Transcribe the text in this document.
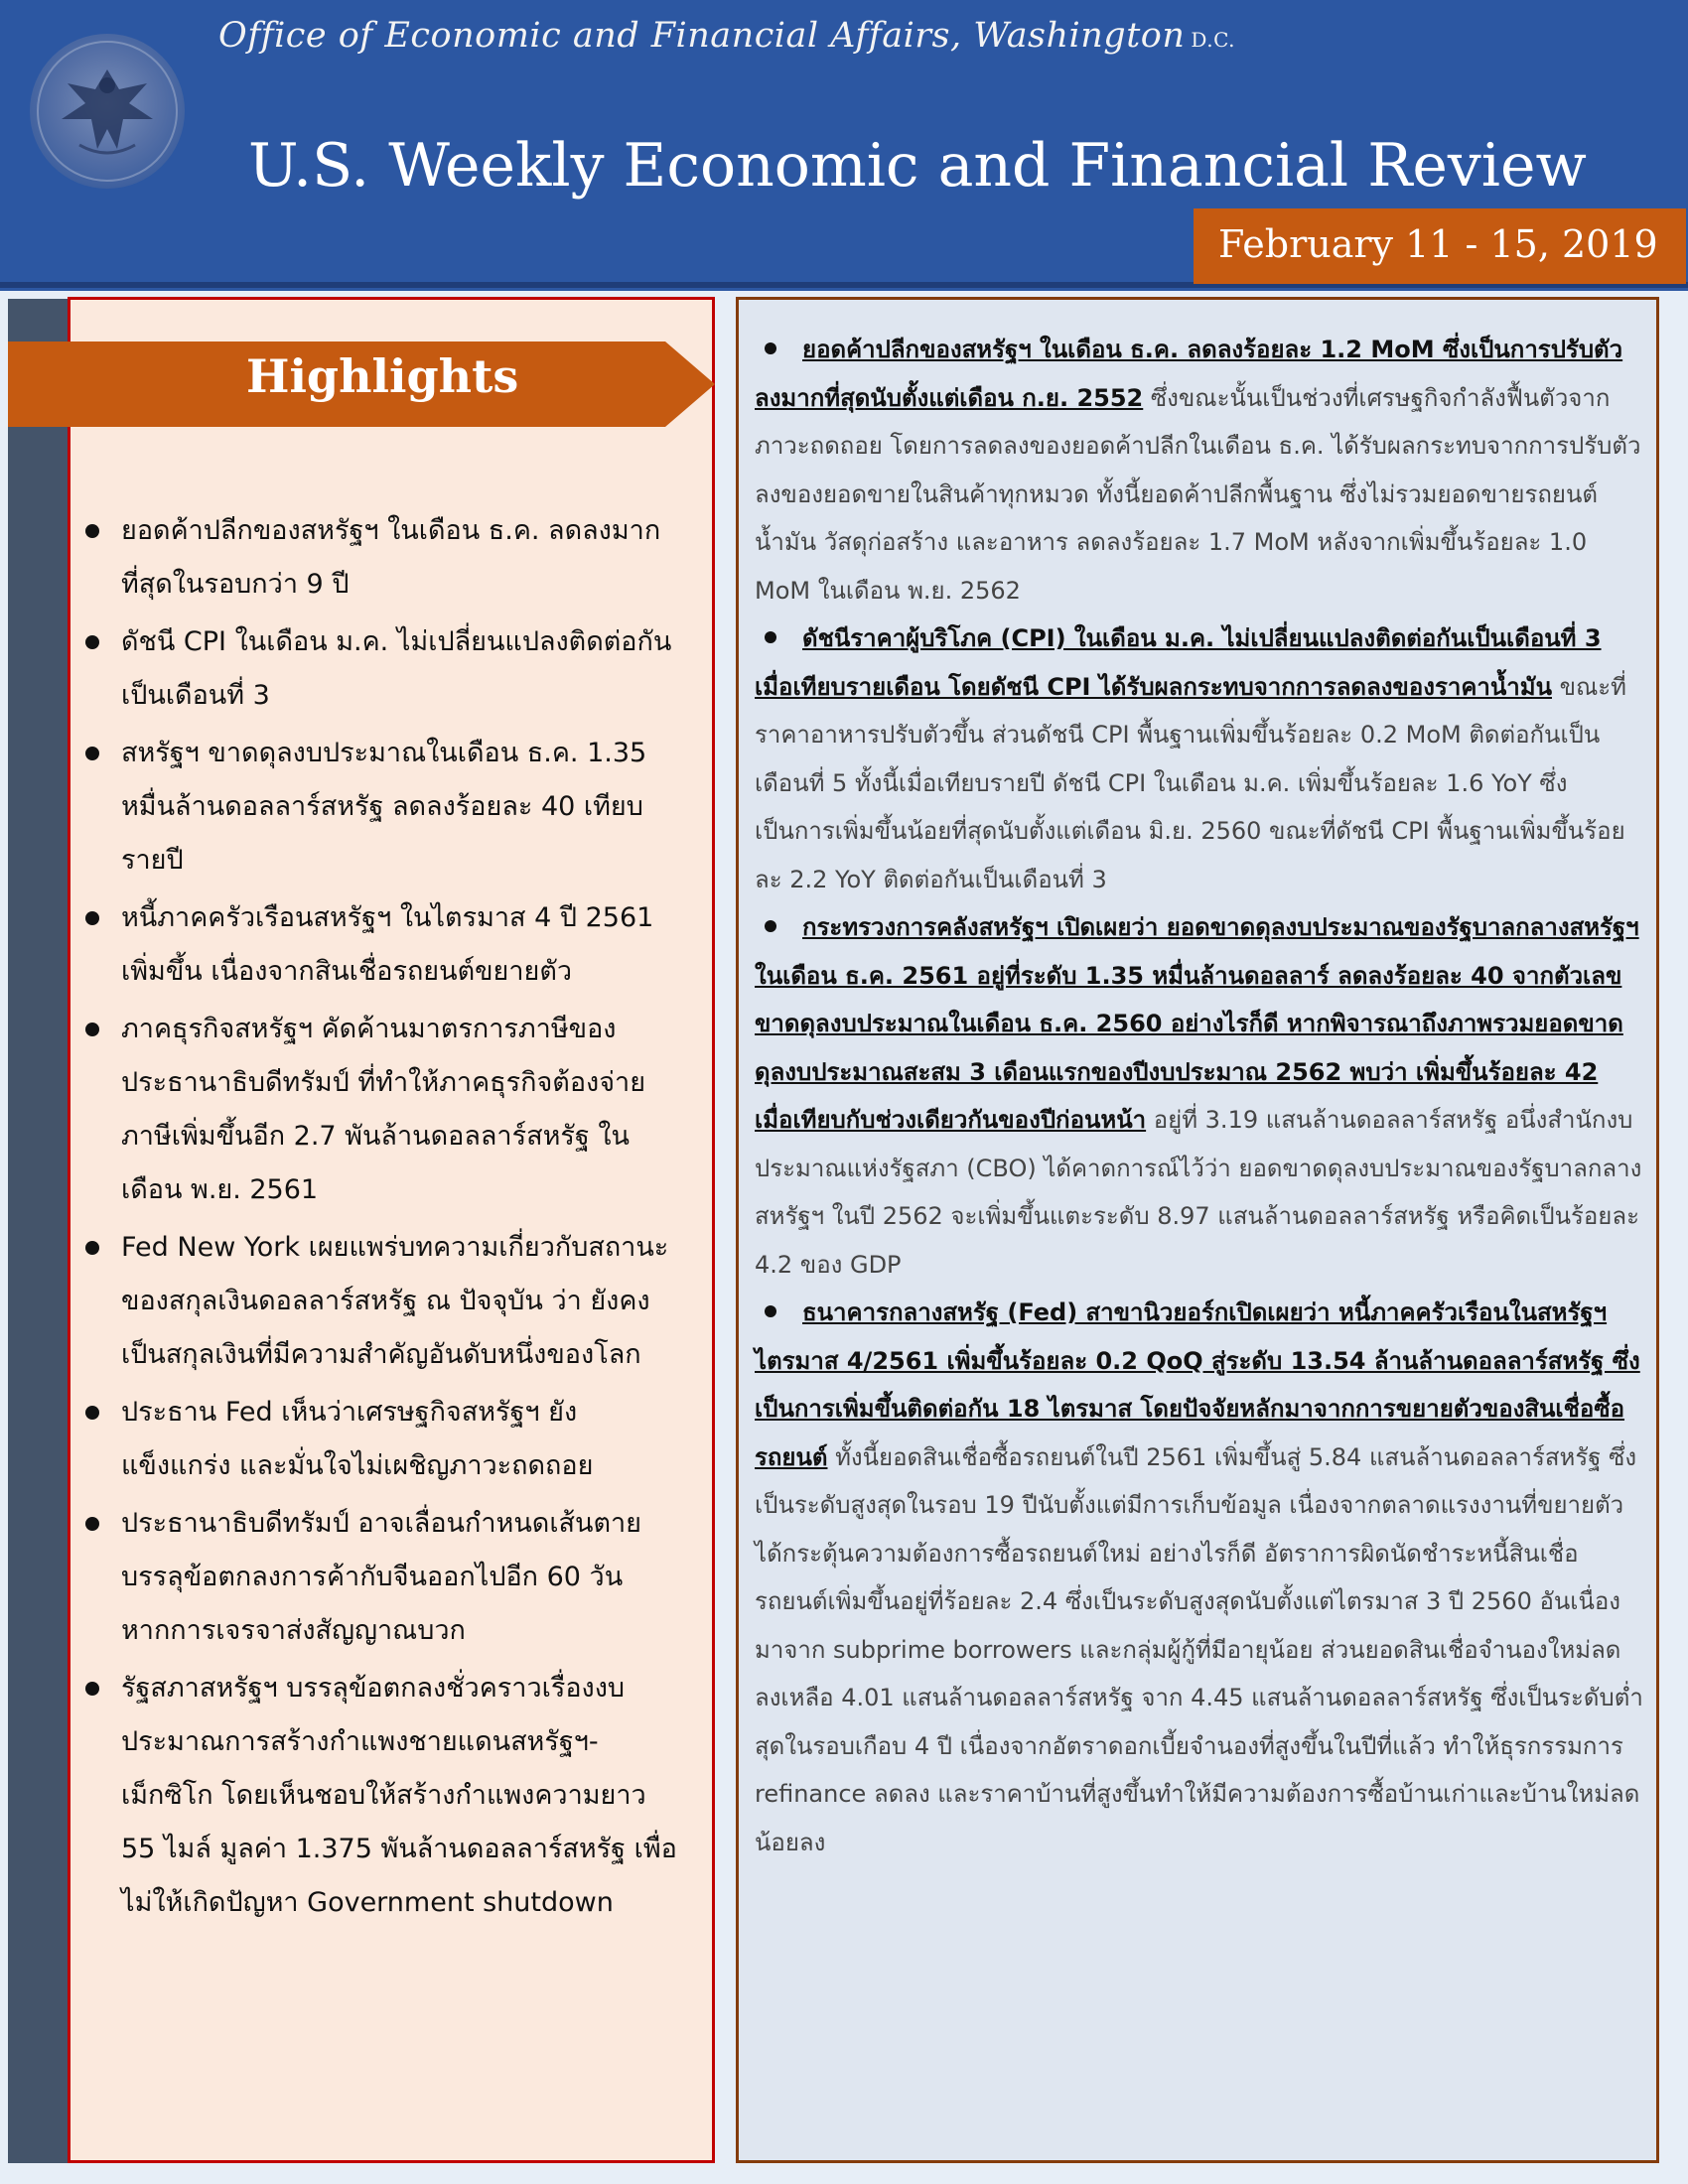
Office of Economic and Financial Affairs, Washington D.C.
U.S. Weekly Economic and Financial Review
February 11 - 15, 2019
Highlights
ยอดค้าปลีกของสหรัฐฯ ในเดือน ธ.ค. ลดลงมากที่สุดในรอบกว่า 9 ปี
ดัชนี CPI ในเดือน ม.ค. ไม่เปลี่ยนแปลงติดต่อกันเป็นเดือนที่ 3
สหรัฐฯ ขาดดุลงบประมาณในเดือน ธ.ค. 1.35 หมื่นล้านดอลลาร์สหรัฐ ลดลงร้อยละ 40 เทียบรายปี
หนี้ภาคครัวเรือนสหรัฐฯ ในไตรมาส 4 ปี 2561 เพิ่มขึ้น เนื่องจากสินเชื่อรถยนต์ขยายตัว
ภาคธุรกิจสหรัฐฯ คัดค้านมาตรการภาษีของประธานาธิบดีทรัมป์ ที่ทำให้ภาคธุรกิจต้องจ่ายภาษีเพิ่มขึ้นอีก 2.7 พันล้านดอลลาร์สหรัฐ ในเดือน พ.ย. 2561
Fed New York เผยแพร่บทความเกี่ยวกับสถานะของสกุลเงินดอลลาร์สหรัฐ ณ ปัจจุบัน ว่า ยังคงเป็นสกุลเงินที่มีความสำคัญอันดับหนึ่งของโลก
ประธาน Fed เห็นว่าเศรษฐกิจสหรัฐฯ ยังแข็งแกร่ง และมั่นใจไม่เผชิญภาวะถดถอย
ประธานาธิบดีทรัมป์ อาจเลื่อนกำหนดเส้นตายบรรลุข้อตกลงการค้ากับจีนออกไปอีก 60 วัน หากการเจรจาส่งสัญญาณบวก
รัฐสภาสหรัฐฯ บรรลุข้อตกลงชั่วคราวเรื่องงบประมาณการสร้างกำแพงชายแดนสหรัฐฯ-เม็กซิโก โดยเห็นชอบให้สร้างกำแพงความยาว 55 ไมล์ มูลค่า 1.375 พันล้านดอลลาร์สหรัฐ เพื่อไม่ให้เกิดปัญหา Government shutdown

ยอดค้าปลีกของสหรัฐฯ ในเดือน ธ.ค. ลดลงร้อยละ 1.2 MoM ซึ่งเป็นการปรับตัวลงมากที่สุดนับตั้งแต่เดือน ก.ย. 2552 ซึ่งขณะนั้นเป็นช่วงที่เศรษฐกิจกำลังฟื้นตัวจากภาวะถดถอย โดยการลดลงของยอดค้าปลีกในเดือน ธ.ค. ได้รับผลกระทบจากการปรับตัวลงของยอดขายในสินค้าทุกหมวด ทั้งนี้ยอดค้าปลีกพื้นฐาน ซึ่งไม่รวมยอดขายรถยนต์ น้ำมัน วัสดุก่อสร้าง และอาหาร ลดลงร้อยละ 1.7 MoM หลังจากเพิ่มขึ้นร้อยละ 1.0 MoM ในเดือน พ.ย. 2562

ดัชนีราคาผู้บริโภค (CPI) ในเดือน ม.ค. ไม่เปลี่ยนแปลงติดต่อกันเป็นเดือนที่ 3 เมื่อเทียบรายเดือน โดยดัชนี CPI ได้รับผลกระทบจากการลดลงของราคาน้ำมัน ขณะที่ราคาอาหารปรับตัวขึ้น ส่วนดัชนี CPI พื้นฐานเพิ่มขึ้นร้อยละ 0.2 MoM ติดต่อกันเป็นเดือนที่ 5 ทั้งนี้เมื่อเทียบรายปี ดัชนี CPI ในเดือน ม.ค. เพิ่มขึ้นร้อยละ 1.6 YoY ซึ่งเป็นการเพิ่มขึ้นน้อยที่สุดนับตั้งแต่เดือน มิ.ย. 2560 ขณะที่ดัชนี CPI พื้นฐานเพิ่มขึ้นร้อยละ 2.2 YoY ติดต่อกันเป็นเดือนที่ 3

กระทรวงการคลังสหรัฐฯ เปิดเผยว่า ยอดขาดดุลงบประมาณของรัฐบาลกลางสหรัฐฯ ในเดือน ธ.ค. 2561 อยู่ที่ระดับ 1.35 หมื่นล้านดอลลาร์ ลดลงร้อยละ 40 จากตัวเลขขาดดุลงบประมาณในเดือน ธ.ค. 2560 อย่างไรก็ดี หากพิจารณาถึงภาพรวมยอดขาดดุลงบประมาณสะสม 3 เดือนแรกของปีงบประมาณ 2562 พบว่า เพิ่มขึ้นร้อยละ 42 เมื่อเทียบกับช่วงเดียวกันของปีก่อนหน้า อยู่ที่ 3.19 แสนล้านดอลลาร์สหรัฐ อนึ่งสำนักงบประมาณแห่งรัฐสภา (CBO) ได้คาดการณ์ไว้ว่า ยอดขาดดุลงบประมาณของรัฐบาลกลางสหรัฐฯ ในปี 2562 จะเพิ่มขึ้นแตะระดับ 8.97 แสนล้านดอลลาร์สหรัฐ หรือคิดเป็นร้อยละ 4.2 ของ GDP

ธนาคารกลางสหรัฐ (Fed) สาขานิวยอร์กเปิดเผยว่า หนี้ภาคครัวเรือนในสหรัฐฯ ไตรมาส 4/2561 เพิ่มขึ้นร้อยละ 0.2 QoQ สู่ระดับ 13.54 ล้านล้านดอลลาร์สหรัฐ ซึ่งเป็นการเพิ่มขึ้นติดต่อกัน 18 ไตรมาส โดยปัจจัยหลักมาจากการขยายตัวของสินเชื่อซื้อรถยนต์ ทั้งนี้ยอดสินเชื่อซื้อรถยนต์ในปี 2561 เพิ่มขึ้นสู่ 5.84 แสนล้านดอลลาร์สหรัฐ ซึ่งเป็นระดับสูงสุดในรอบ 19 ปีนับตั้งแต่มีการเก็บข้อมูล เนื่องจากตลาดแรงงานที่ขยายตัวได้กระตุ้นความต้องการซื้อรถยนต์ใหม่ อย่างไรก็ดี อัตราการผิดนัดชำระหนี้สินเชื่อรถยนต์เพิ่มขึ้นอยู่ที่ร้อยละ 2.4 ซึ่งเป็นระดับสูงสุดนับตั้งแต่ไตรมาส 3 ปี 2560 อันเนื่องมาจาก subprime borrowers และกลุ่มผู้กู้ที่มีอายุน้อย ส่วนยอดสินเชื่อจำนองใหม่ลดลงเหลือ 4.01 แสนล้านดอลลาร์สหรัฐ จาก 4.45 แสนล้านดอลลาร์สหรัฐ ซึ่งเป็นระดับต่ำสุดในรอบเกือบ 4 ปี เนื่องจากอัตราดอกเบี้ยจำนองที่สูงขึ้นในปีที่แล้ว ทำให้ธุรกรรมการ refinance ลดลง และราคาบ้านที่สูงขึ้นทำให้มีความต้องการซื้อบ้านเก่าและบ้านใหม่ลดน้อยลง
